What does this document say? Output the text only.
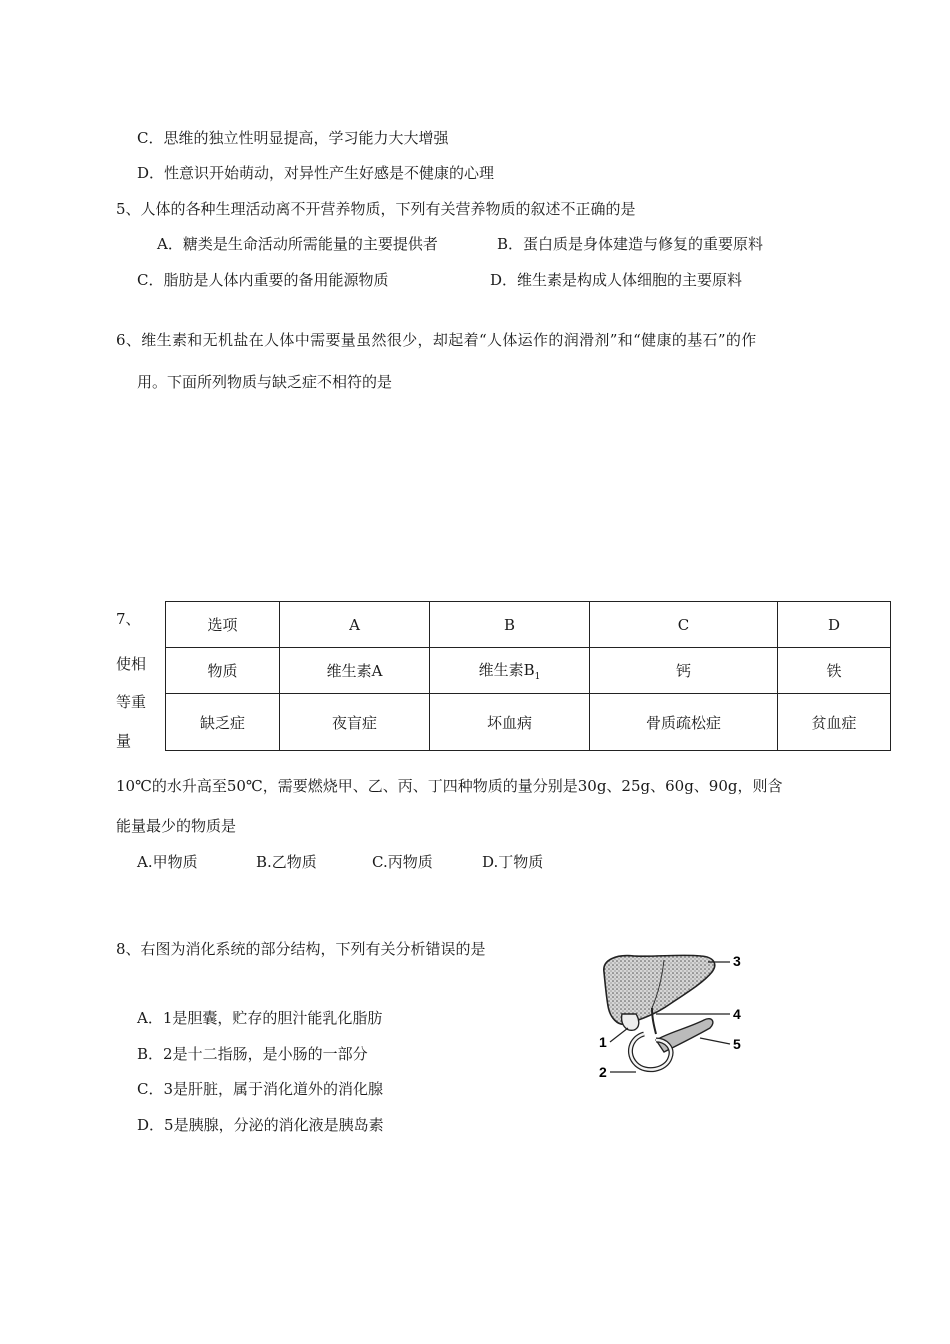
C．思维的独立性明显提高，学习能力大大增强
D．性意识开始萌动，对异性产生好感是不健康的心理
5、人体的各种生理活动离不开营养物质，下列有关营养物质的叙述不正确的是
A．糖类是生命活动所需能量的主要提供者	B．蛋白质是身体建造与修复的重要原料
C．脂肪是人体内重要的备用能源物质	D．维生素是构成人体细胞的主要原料
6、维生素和无机盐在人体中需要量虽然很少，却起着“人体运作的润滑剂”和“健康的基石”的作
用。下面所列物质与缺乏症不相符的是
7、
使相
等重
量
选项	A	B	C	D
物质	维生素A	维生素$B_1$	钙	铁
缺乏症	夜盲症	坏血病	骨质疏松症	贫血症
10℃的水升高至50℃，需要燃烧甲、乙、丙、丁四种物质的量分别是30g、25g、60g、90g，则含
能量最少的物质是
A.甲物质	B.乙物质	C.丙物质	D.丁物质
8、右图为消化系统的部分结构，下列有关分析错误的是
A．1是胆囊，贮存的胆汁能乳化脂肪
B．2是十二指肠，是小肠的一部分
C．3是肝脏，属于消化道外的消化腺
D．5是胰腺，分泌的消化液是胰岛素
3
4
5
1
2
